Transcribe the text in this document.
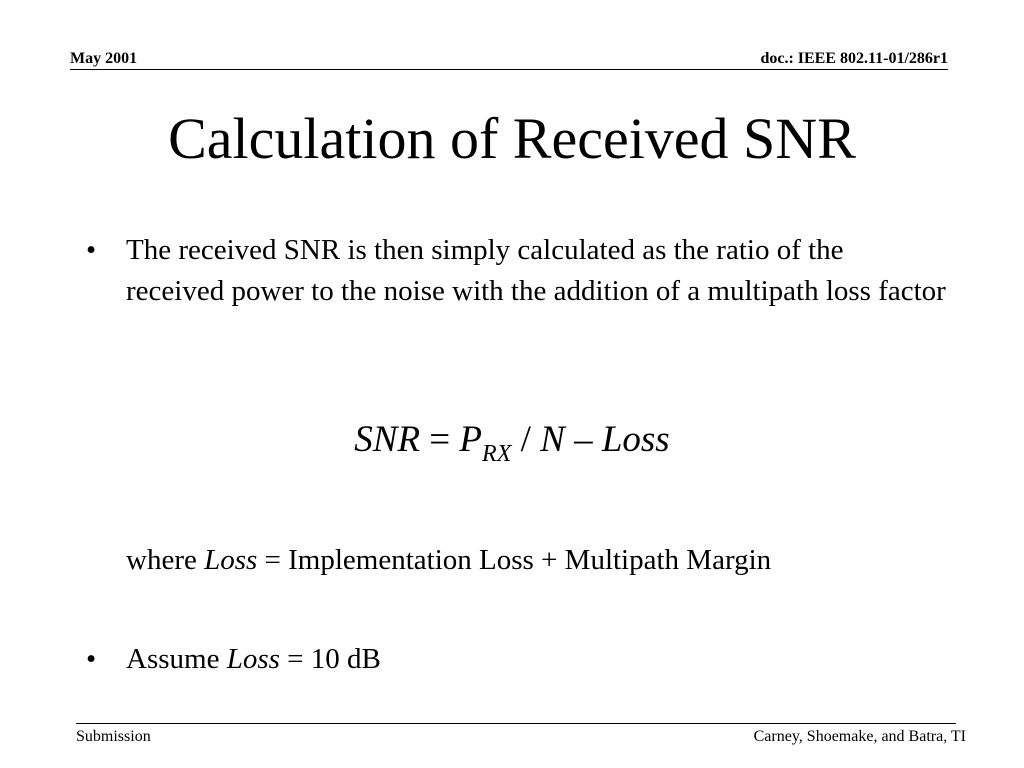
May 2001	doc.: IEEE 802.11-01/286r1
Calculation of Received SNR
• The received SNR is then simply calculated as the ratio of the received power to the noise with the addition of a multipath loss factor
SNR = $P_{RX}$ / N – Loss
where Loss = Implementation Loss + Multipath Margin
• Assume Loss = 10 dB
Submission	Carney, Shoemake, and Batra, TI
